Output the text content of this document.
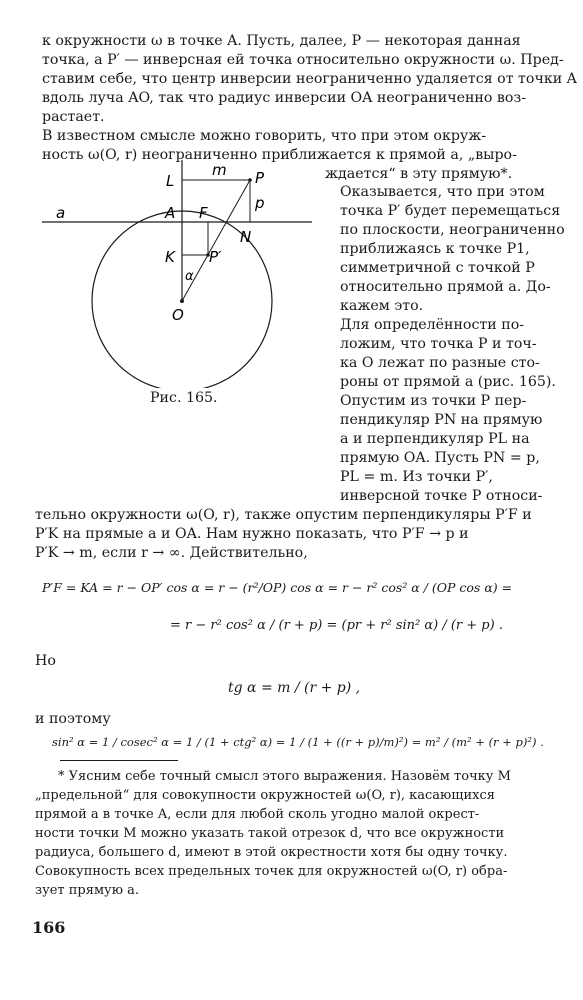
к окружности ω в точке A. Пусть, далее, P — некоторая данная
точка, а P′ — инверсная ей точка относительно окружности ω. Пред-
ставим себе, что центр инверсии неограниченно удаляется от точки A
вдоль луча AO, так что радиус инверсии OA неограниченно воз-
растает.
В известном смысле можно говорить, что при этом окруж-
ность ω(O, r) неограниченно приближается к прямой a, „выро-
L
m P
a	A F
p
N
K P′
α
O
Рис. 165.
ждается“ в эту прямую*.
Оказывается, что при этом
точка P′ будет перемещаться
по плоскости, неограниченно
приближаясь к точке P1,
симметричной с точкой P
относительно прямой a. До-
кажем это.
Для определённости по-
ложим, что точка P и точ-
ка O лежат по разные сто-
роны от прямой a (рис. 165).
Опустим из точки P пер-
пендикуляр PN на прямую
a и перпендикуляр PL на
прямую OA. Пусть PN = p,
PL = m. Из точки P′,
инверсной точке P относи-
тельно окружности ω(O, r), также опустим перпендикуляры P′F и
P′K на прямые a и OA. Нам нужно показать, что P′F → p и
P′K → m, если r → ∞. Действительно,
P′F = KA = r − OP′ cos α = r − (r²/OP) cos α = r − r² cos² α / (OP cos α) =
= r − r² cos² α / (r + p) = (pr + r² sin² α) / (r + p) .
Но
tg α = m / (r + p) ,
и поэтому
sin² α = 1 / cosec² α = 1 / (1 + ctg² α) = 1 / (1 + ((r + p)/m)²) = m² / (m² + (r + p)²) .
* Уясним себе точный смысл этого выражения. Назовём точку M
„предельной“ для совокупности окружностей ω(O, r), касающихся
прямой a в точке A, если для любой сколь угодно малой окрест-
ности точки M можно указать такой отрезок d, что все окружности
радиуса, большего d, имеют в этой окрестности хотя бы одну точку.
Совокупность всех предельных точек для окружностей ω(O, r) обра-
зует прямую a.
166
